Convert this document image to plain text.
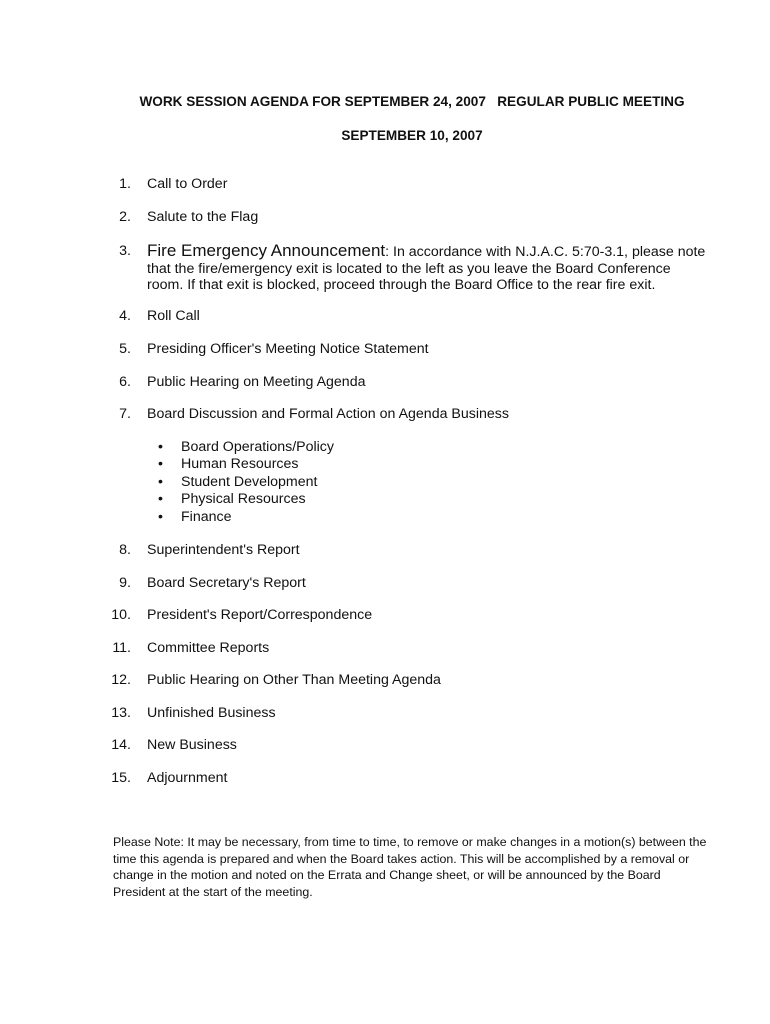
WORK SESSION AGENDA FOR SEPTEMBER 24, 2007   REGULAR PUBLIC MEETING
SEPTEMBER 10, 2007
1. Call to Order
2. Salute to the Flag
3. Fire Emergency Announcement: In accordance with N.J.A.C. 5:70-3.1, please note that the fire/emergency exit is located to the left as you leave the Board Conference room. If that exit is blocked, proceed through the Board Office to the rear fire exit.
4. Roll Call
5. Presiding Officer's Meeting Notice Statement
6. Public Hearing on Meeting Agenda
7. Board Discussion and Formal Action on Agenda Business
• Board Operations/Policy
• Human Resources
• Student Development
• Physical Resources
• Finance
8. Superintendent's Report
9. Board Secretary's Report
10. President's Report/Correspondence
11. Committee Reports
12. Public Hearing on Other Than Meeting Agenda
13. Unfinished Business
14. New Business
15. Adjournment
Please Note: It may be necessary, from time to time, to remove or make changes in a motion(s) between the time this agenda is prepared and when the Board takes action. This will be accomplished by a removal or change in the motion and noted on the Errata and Change sheet, or will be announced by the Board President at the start of the meeting.
